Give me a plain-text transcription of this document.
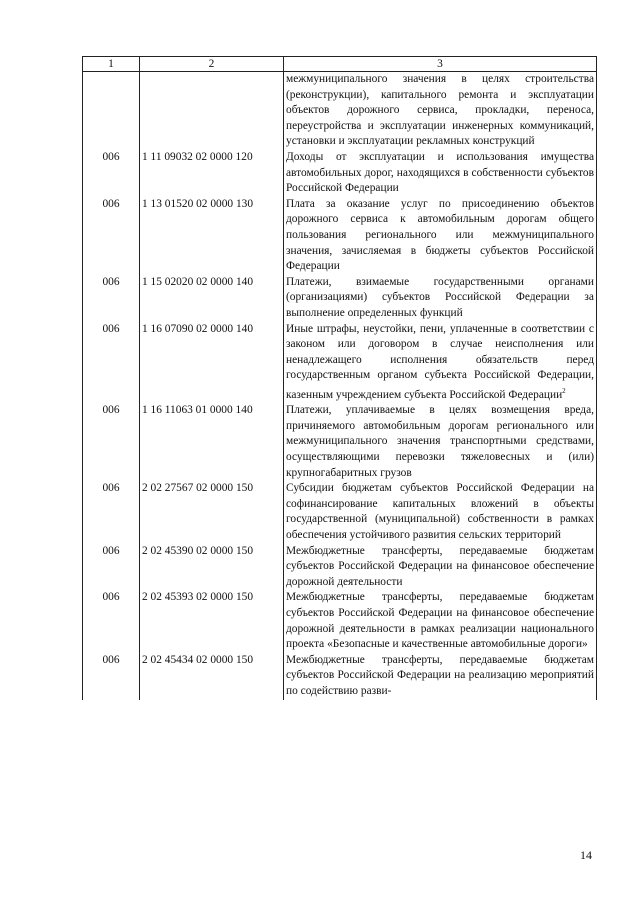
1	2	3
		межмуниципального значения в целях строительства (реконструкции), капитального ремонта и эксплуатации объектов дорожного сервиса, прокладки, переноса, переустройства и эксплуатации инженерных коммуникаций, установки и эксплуатации рекламных конструкций
006	1 11 09032 02 0000 120	Доходы от эксплуатации и использования имущества автомобильных дорог, находящихся в собственности субъектов Российской Федерации
006	1 13 01520 02 0000 130	Плата за оказание услуг по присоединению объектов дорожного сервиса к автомобильным дорогам общего пользования регионального или межмуниципального значения, зачисляемая в бюджеты субъектов Российской Федерации
006	1 15 02020 02 0000 140	Платежи, взимаемые государственными органами (организациями) субъектов Российской Федерации за выполнение определенных функций
006	1 16 07090 02 0000 140	Иные штрафы, неустойки, пени, уплаченные в соответствии с законом или договором в случае неисполнения или ненадлежащего исполнения обязательств перед государственным органом субъекта Российской Федерации, казенным учреждением субъекта Российской Федерации$^2$
006	1 16 11063 01 0000 140	Платежи, уплачиваемые в целях возмещения вреда, причиняемого автомобильным дорогам регионального или межмуниципального значения транспортными средствами, осуществляющими перевозки тяжеловесных и (или) крупногабаритных грузов
006	2 02 27567 02 0000 150	Субсидии бюджетам субъектов Российской Федерации на софинансирование капитальных вложений в объекты государственной (муниципальной) собственности в рамках обеспечения устойчивого развития сельских территорий
006	2 02 45390 02 0000 150	Межбюджетные трансферты, передаваемые бюджетам субъектов Российской Федерации на финансовое обеспечение дорожной деятельности
006	2 02 45393 02 0000 150	Межбюджетные трансферты, передаваемые бюджетам субъектов Российской Федерации на финансовое обеспечение дорожной деятельности в рамках реализации национального проекта «Безопасные и качественные автомобильные дороги»
006	2 02 45434 02 0000 150	Межбюджетные трансферты, передаваемые бюджетам субъектов Российской Федерации на реализацию мероприятий по содействию разви-
14
